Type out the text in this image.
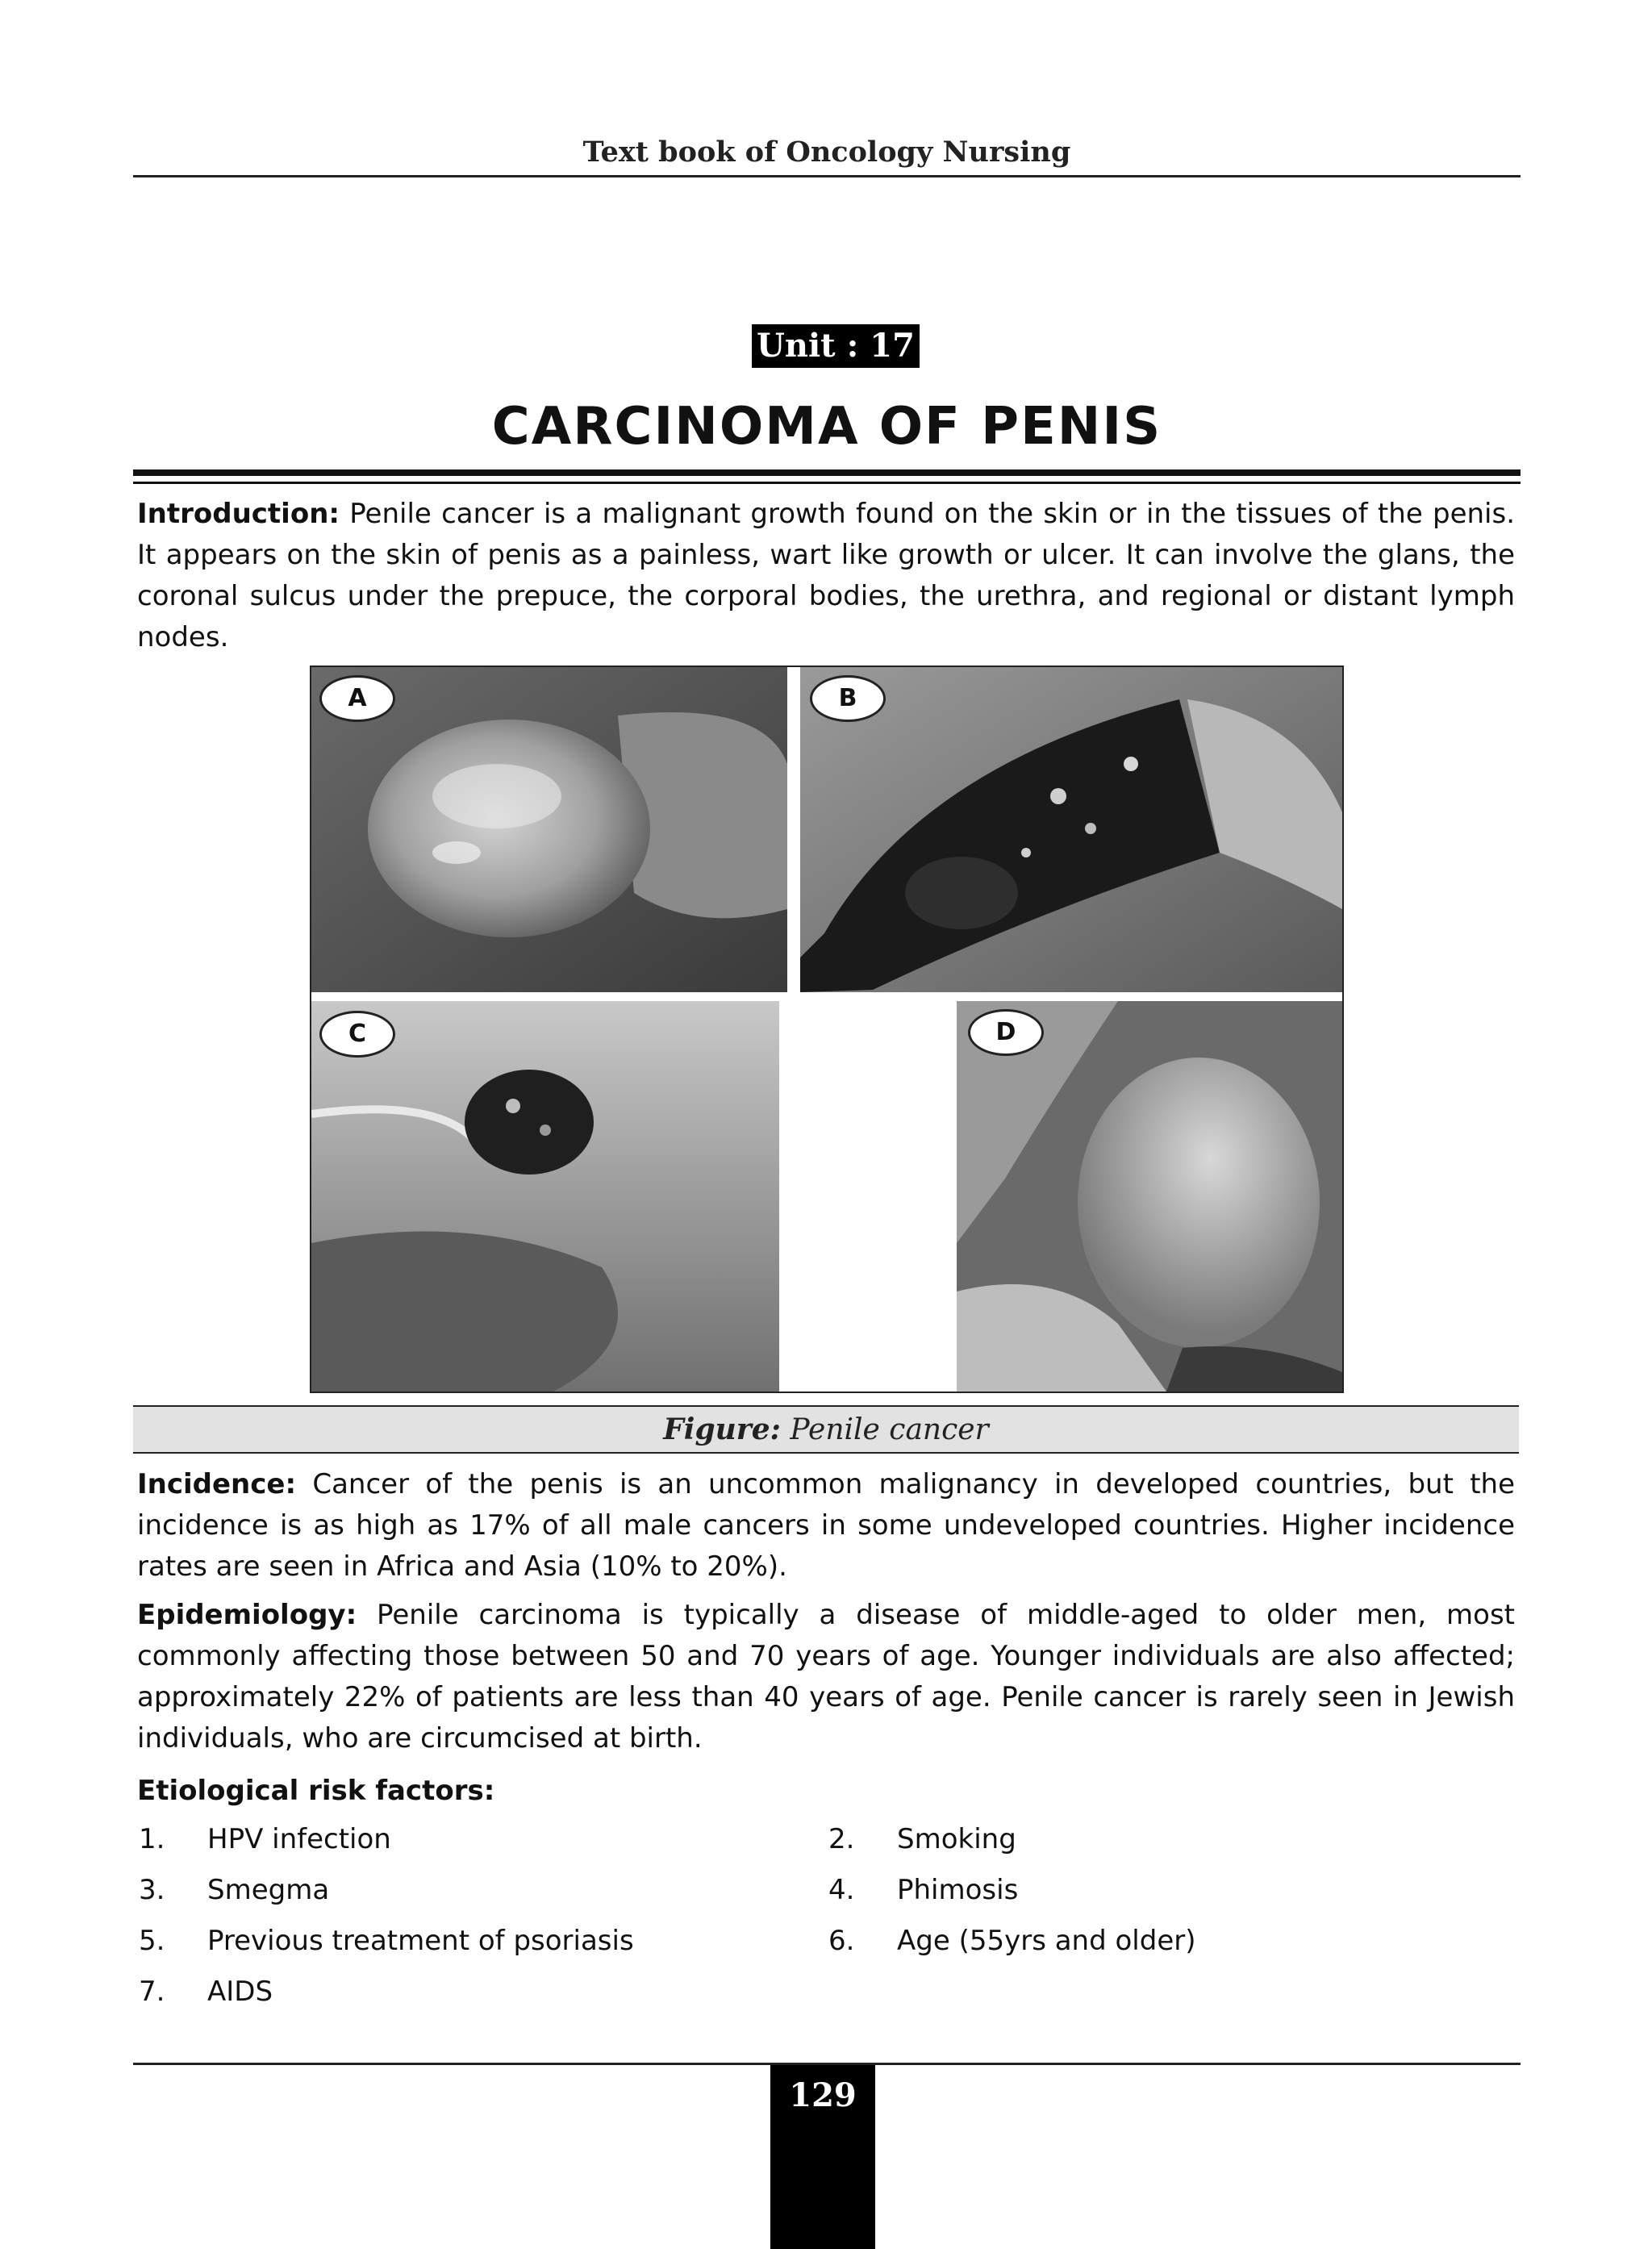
Text book of Oncology Nursing
Unit : 17
CARCINOMA OF PENIS

Introduction: Penile cancer is a malignant growth found on the skin or in the tissues of the penis. It appears on the skin of penis as a painless, wart like growth or ulcer. It can involve the glans, the coronal sulcus under the prepuce, the corporal bodies, the urethra, and regional or distant lymph nodes.

A	B
C	D
Figure: Penile cancer

Incidence: Cancer of the penis is an uncommon malignancy in developed countries, but the incidence is as high as 17% of all male cancers in some undeveloped countries. Higher incidence rates are seen in Africa and Asia (10% to 20%).

Epidemiology: Penile carcinoma is typically a disease of middle-aged to older men, most commonly affecting those between 50 and 70 years of age. Younger individuals are also affected; approximately 22% of patients are less than 40 years of age. Penile cancer is rarely seen in Jewish individuals, who are circumcised at birth.

Etiological risk factors:
1. HPV infection	2. Smoking
3. Smegma	4. Phimosis
5. Previous treatment of psoriasis	6. Age (55yrs and older)
7. AIDS
129
